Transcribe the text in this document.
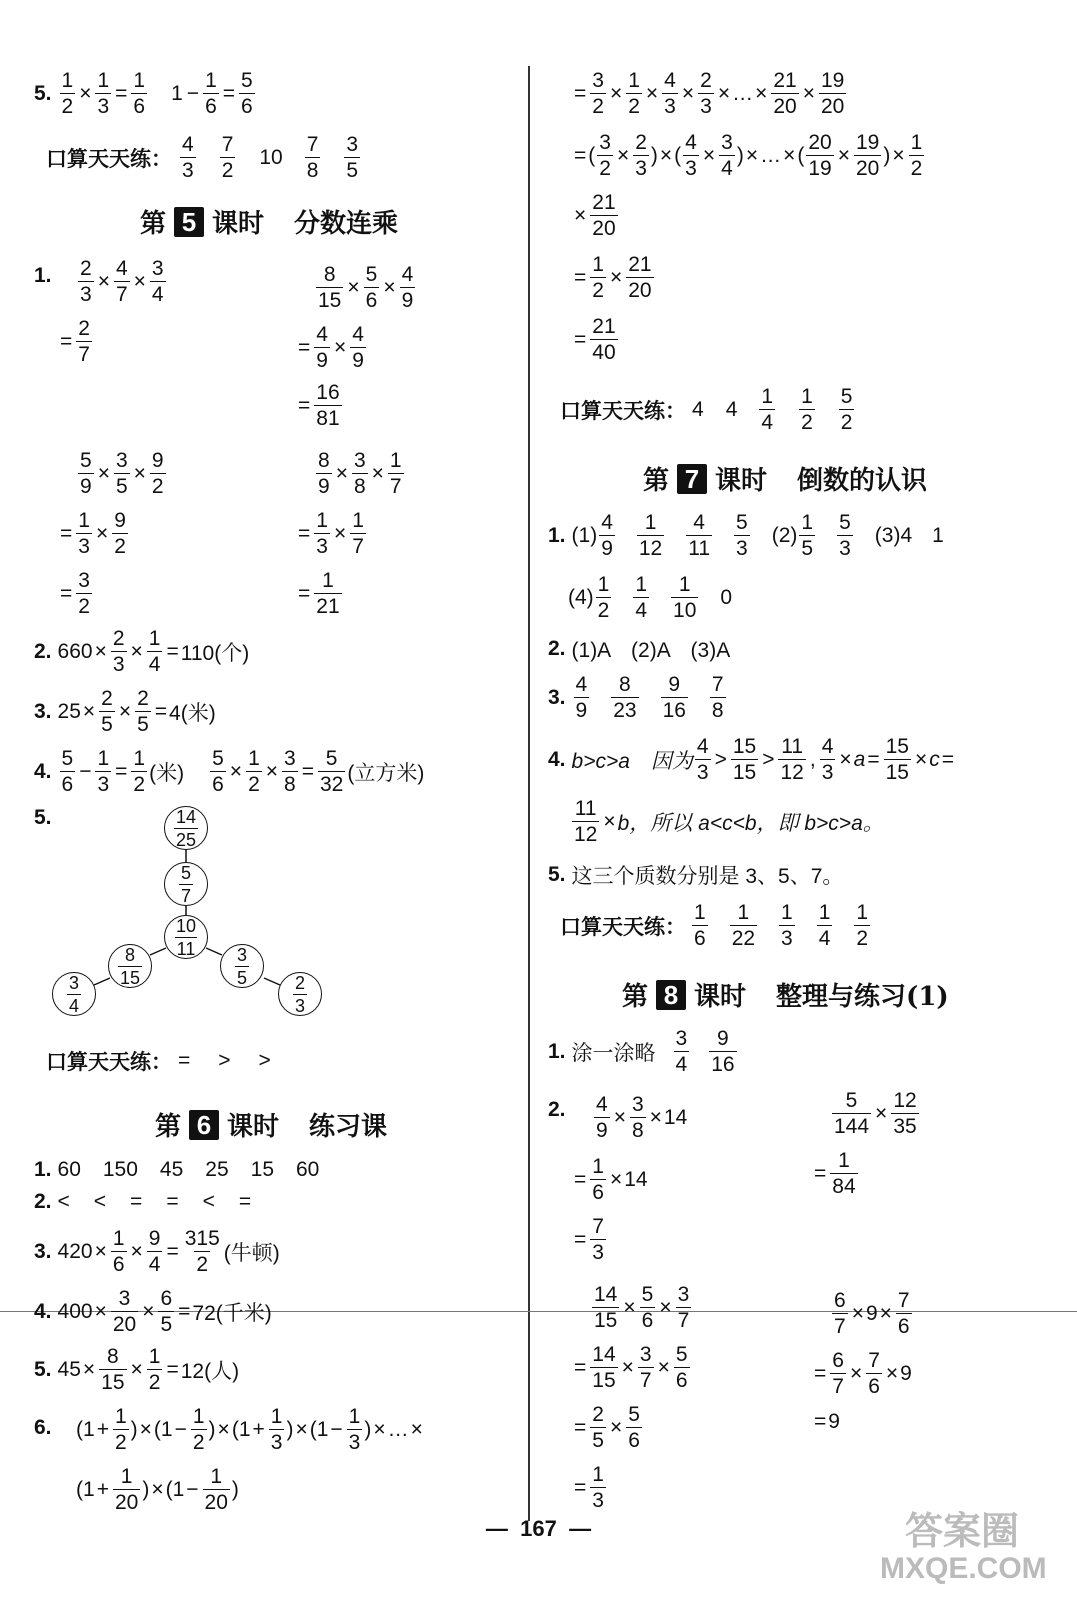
5. $\frac{1}{2} \times \frac{1}{3} = \frac{1}{6} 1 - \frac{1}{6} = \frac{5}{6}$
口算天天练： $\frac{4}{3} \frac{7}{2} 10 \frac{7}{8} \frac{3}{5}$
第 5 课时 分数连乘
1. $\frac{2}{3} \times \frac{4}{7} \times \frac{3}{4}$
= $\frac{2}{7}$
$\frac{8}{15} \times \frac{5}{6} \times \frac{4}{9}$
= $\frac{4}{9} \times \frac{4}{9}$
= $\frac{16}{81}$
$\frac{5}{9} \times \frac{3}{5} \times \frac{9}{2}$
= $\frac{1}{3} \times \frac{9}{2}$
= $\frac{3}{2}$
$\frac{8}{9} \times \frac{3}{8} \times \frac{1}{7}$
= $\frac{1}{3} \times \frac{1}{7}$
= $\frac{1}{21}$
2. $660 \times \frac{2}{3} \times \frac{1}{4} = 110$(个)
3. $25 \times \frac{2}{5} \times \frac{2}{5} = 4$(米)
4. $\frac{5}{6} - \frac{1}{3} = \frac{1}{2}$ (米) $\frac{5}{6} \times \frac{1}{2} \times \frac{3}{8} = \frac{5}{32}$ (立方米)
5.	$\frac{14}{25}$
$\frac{5}{7}$
$\frac{10}{11}$
$\frac{8}{15}$
$\frac{3}{4}$
$\frac{3}{5}$
$\frac{2}{3}$
口算天天练： = > >
第 6 课时 练习课
1. 60 150 45 25 15 60
2. < < = = < =
3. $420 \times \frac{1}{6} \times \frac{9}{4} = \frac{315}{2}$ (牛顿)
4. $400 \times \frac{3}{20} \times \frac{6}{5} = 72$(千米)
5. $45 \times \frac{8}{15} \times \frac{1}{2} = 12$(人)
6. ( $1 + \frac{1}{2}$ ) × ( $1 - \frac{1}{2}$ ) × ( $1 + \frac{1}{3}$ ) × ( $1 - \frac{1}{3}$ ) × … ×
( $1 + \frac{1}{20}$ ) × ( $1 - \frac{1}{20}$ )
= $\frac{3}{2} \times \frac{1}{2} \times \frac{4}{3} \times \frac{2}{3}$ × … × $\frac{21}{20} \times \frac{19}{20}$
= ( $\frac{3}{2} \times \frac{2}{3}$ ) × ( $\frac{4}{3} \times \frac{3}{4}$ ) × … × ( $\frac{20}{19} \times \frac{19}{20}$ ) × $\frac{1}{2}$
× $\frac{21}{20}$
= $\frac{1}{2} \times \frac{21}{20}$
= $\frac{21}{40}$
口算天天练： 4 $4 \frac{1}{4} \frac{1}{2} \frac{5}{2}$
第 7 课时 倒数的认识
1. $(1) \frac{4}{9} \frac{1}{12} \frac{4}{11} \frac{5}{3} (2) \frac{1}{5} \frac{5}{3} (3)4$ 1
$(4) \frac{1}{2} \frac{1}{4} \frac{1}{10} 0$
2. (1)A　(2)A　(3)A
3. $\frac{4}{9} \frac{8}{23} \frac{9}{16} \frac{7}{8}$
4. b>c>a　因为 $\frac{4}{3} > \frac{15}{15} > \frac{11}{12}$ , $\frac{4}{3} \times a = \frac{15}{15} \times c$ =
$\frac{11}{12} \times b$，所以 a<c<b，即 b>c>a。
5. 这三个质数分别是 3、5、7。
口算天天练： $\frac{1}{6} \frac{1}{22} \frac{1}{3} \frac{1}{4} \frac{1}{2}$
第 8 课时 整理与练习(1)
1. 涂一涂略 $\frac{3}{4} \frac{9}{16}$
2. $\frac{4}{9} \times \frac{3}{8} \times 14$
= $\frac{1}{6} \times 14$
= $\frac{7}{3}$
$\frac{5}{144} \times \frac{12}{35}$
= $\frac{1}{84}$
$\frac{14}{15} \times \frac{5}{6} \times \frac{3}{7}$
= $\frac{14}{15} \times \frac{3}{7} \times \frac{5}{6}$
= $\frac{2}{5} \times \frac{5}{6}$
= $\frac{1}{3}$
$\frac{6}{7} \times 9 \times \frac{7}{6}$
= $\frac{6}{7} \times \frac{7}{6} \times 9$
= 9
—  167  —	答案圈
MXQE.COM
